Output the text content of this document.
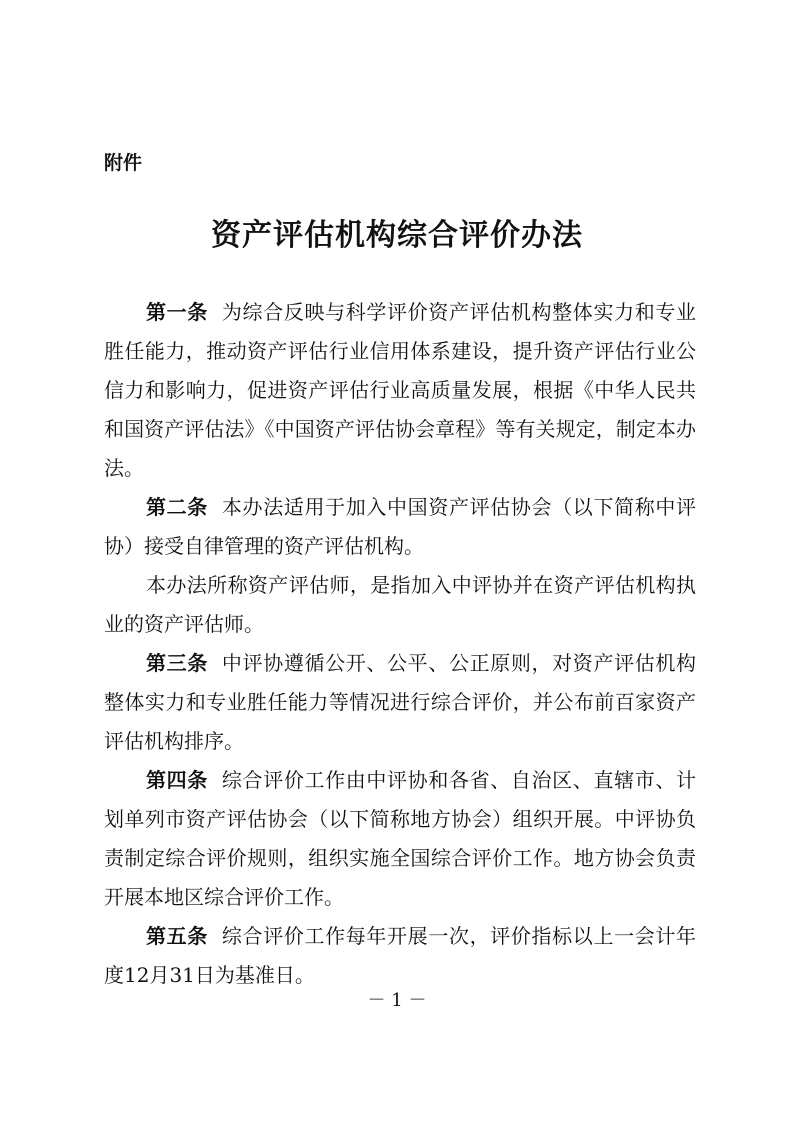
附件

资产评估机构综合评价办法

第一条 为综合反映与科学评价资产评估机构整体实力和专业胜任能力，推动资产评估行业信用体系建设，提升资产评估行业公信力和影响力，促进资产评估行业高质量发展，根据《中华人民共和国资产评估法》《中国资产评估协会章程》等有关规定，制定本办法。

第二条 本办法适用于加入中国资产评估协会（以下简称中评协）接受自律管理的资产评估机构。

本办法所称资产评估师，是指加入中评协并在资产评估机构执业的资产评估师。

第三条 中评协遵循公开、公平、公正原则，对资产评估机构整体实力和专业胜任能力等情况进行综合评价，并公布前百家资产评估机构排序。

第四条 综合评价工作由中评协和各省、自治区、直辖市、计划单列市资产评估协会（以下简称地方协会）组织开展。中评协负责制定综合评价规则，组织实施全国综合评价工作。地方协会负责开展本地区综合评价工作。

第五条 综合评价工作每年开展一次，评价指标以上一会计年度12月31日为基准日。

－ 1 －
